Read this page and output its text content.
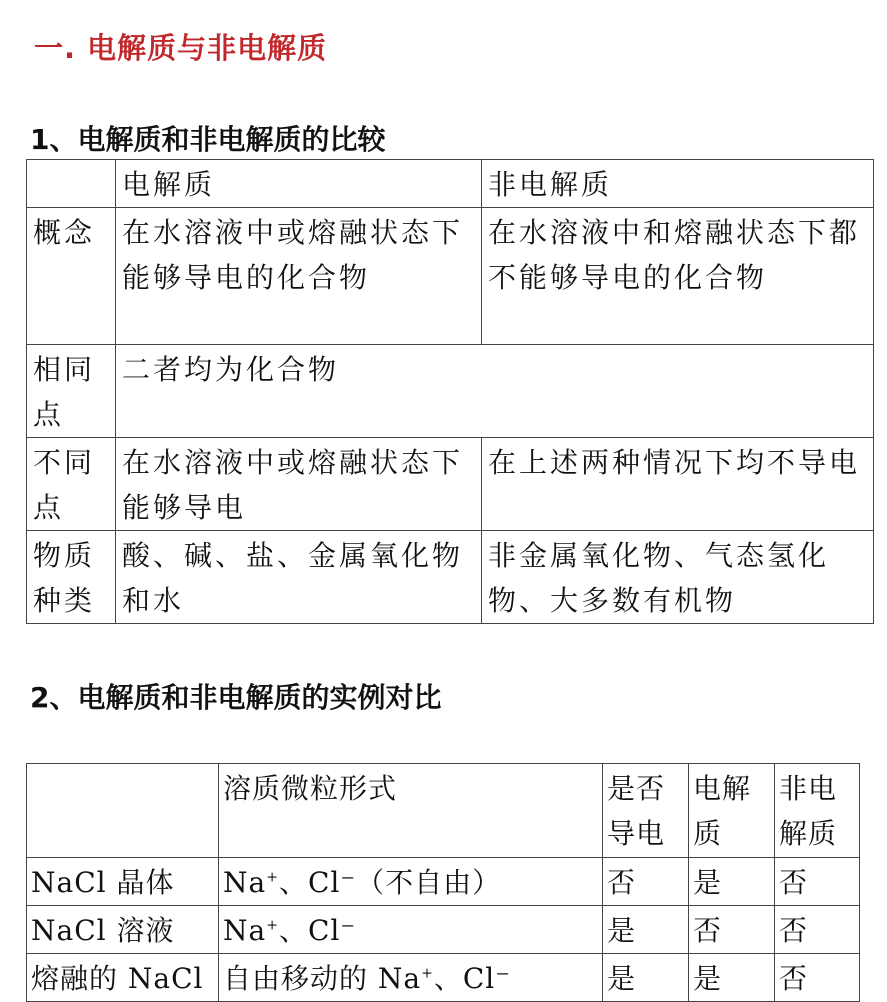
一. 电解质与非电解质
1、电解质和非电解质的比较
	电解质	非电解质
概念	在水溶液中或熔融状态下能够导电的化合物	在水溶液中和熔融状态下都不能够导电的化合物
相同点	二者均为化合物	
不同点	在水溶液中或熔融状态下能够导电	在上述两种情况下均不导电
物质种类	酸、碱、盐、金属氧化物和水	非金属氧化物、气态氢化物、大多数有机物
2、电解质和非电解质的实例对比
	溶质微粒形式	是否导电	电解质	非电解质
NaCl 晶体	Na+、Cl⁻（不自由）	否	是	否
NaCl 溶液	Na+、Cl⁻	是	否	否
熔融的 NaCl	自由移动的 Na+、Cl⁻	是	是	否
